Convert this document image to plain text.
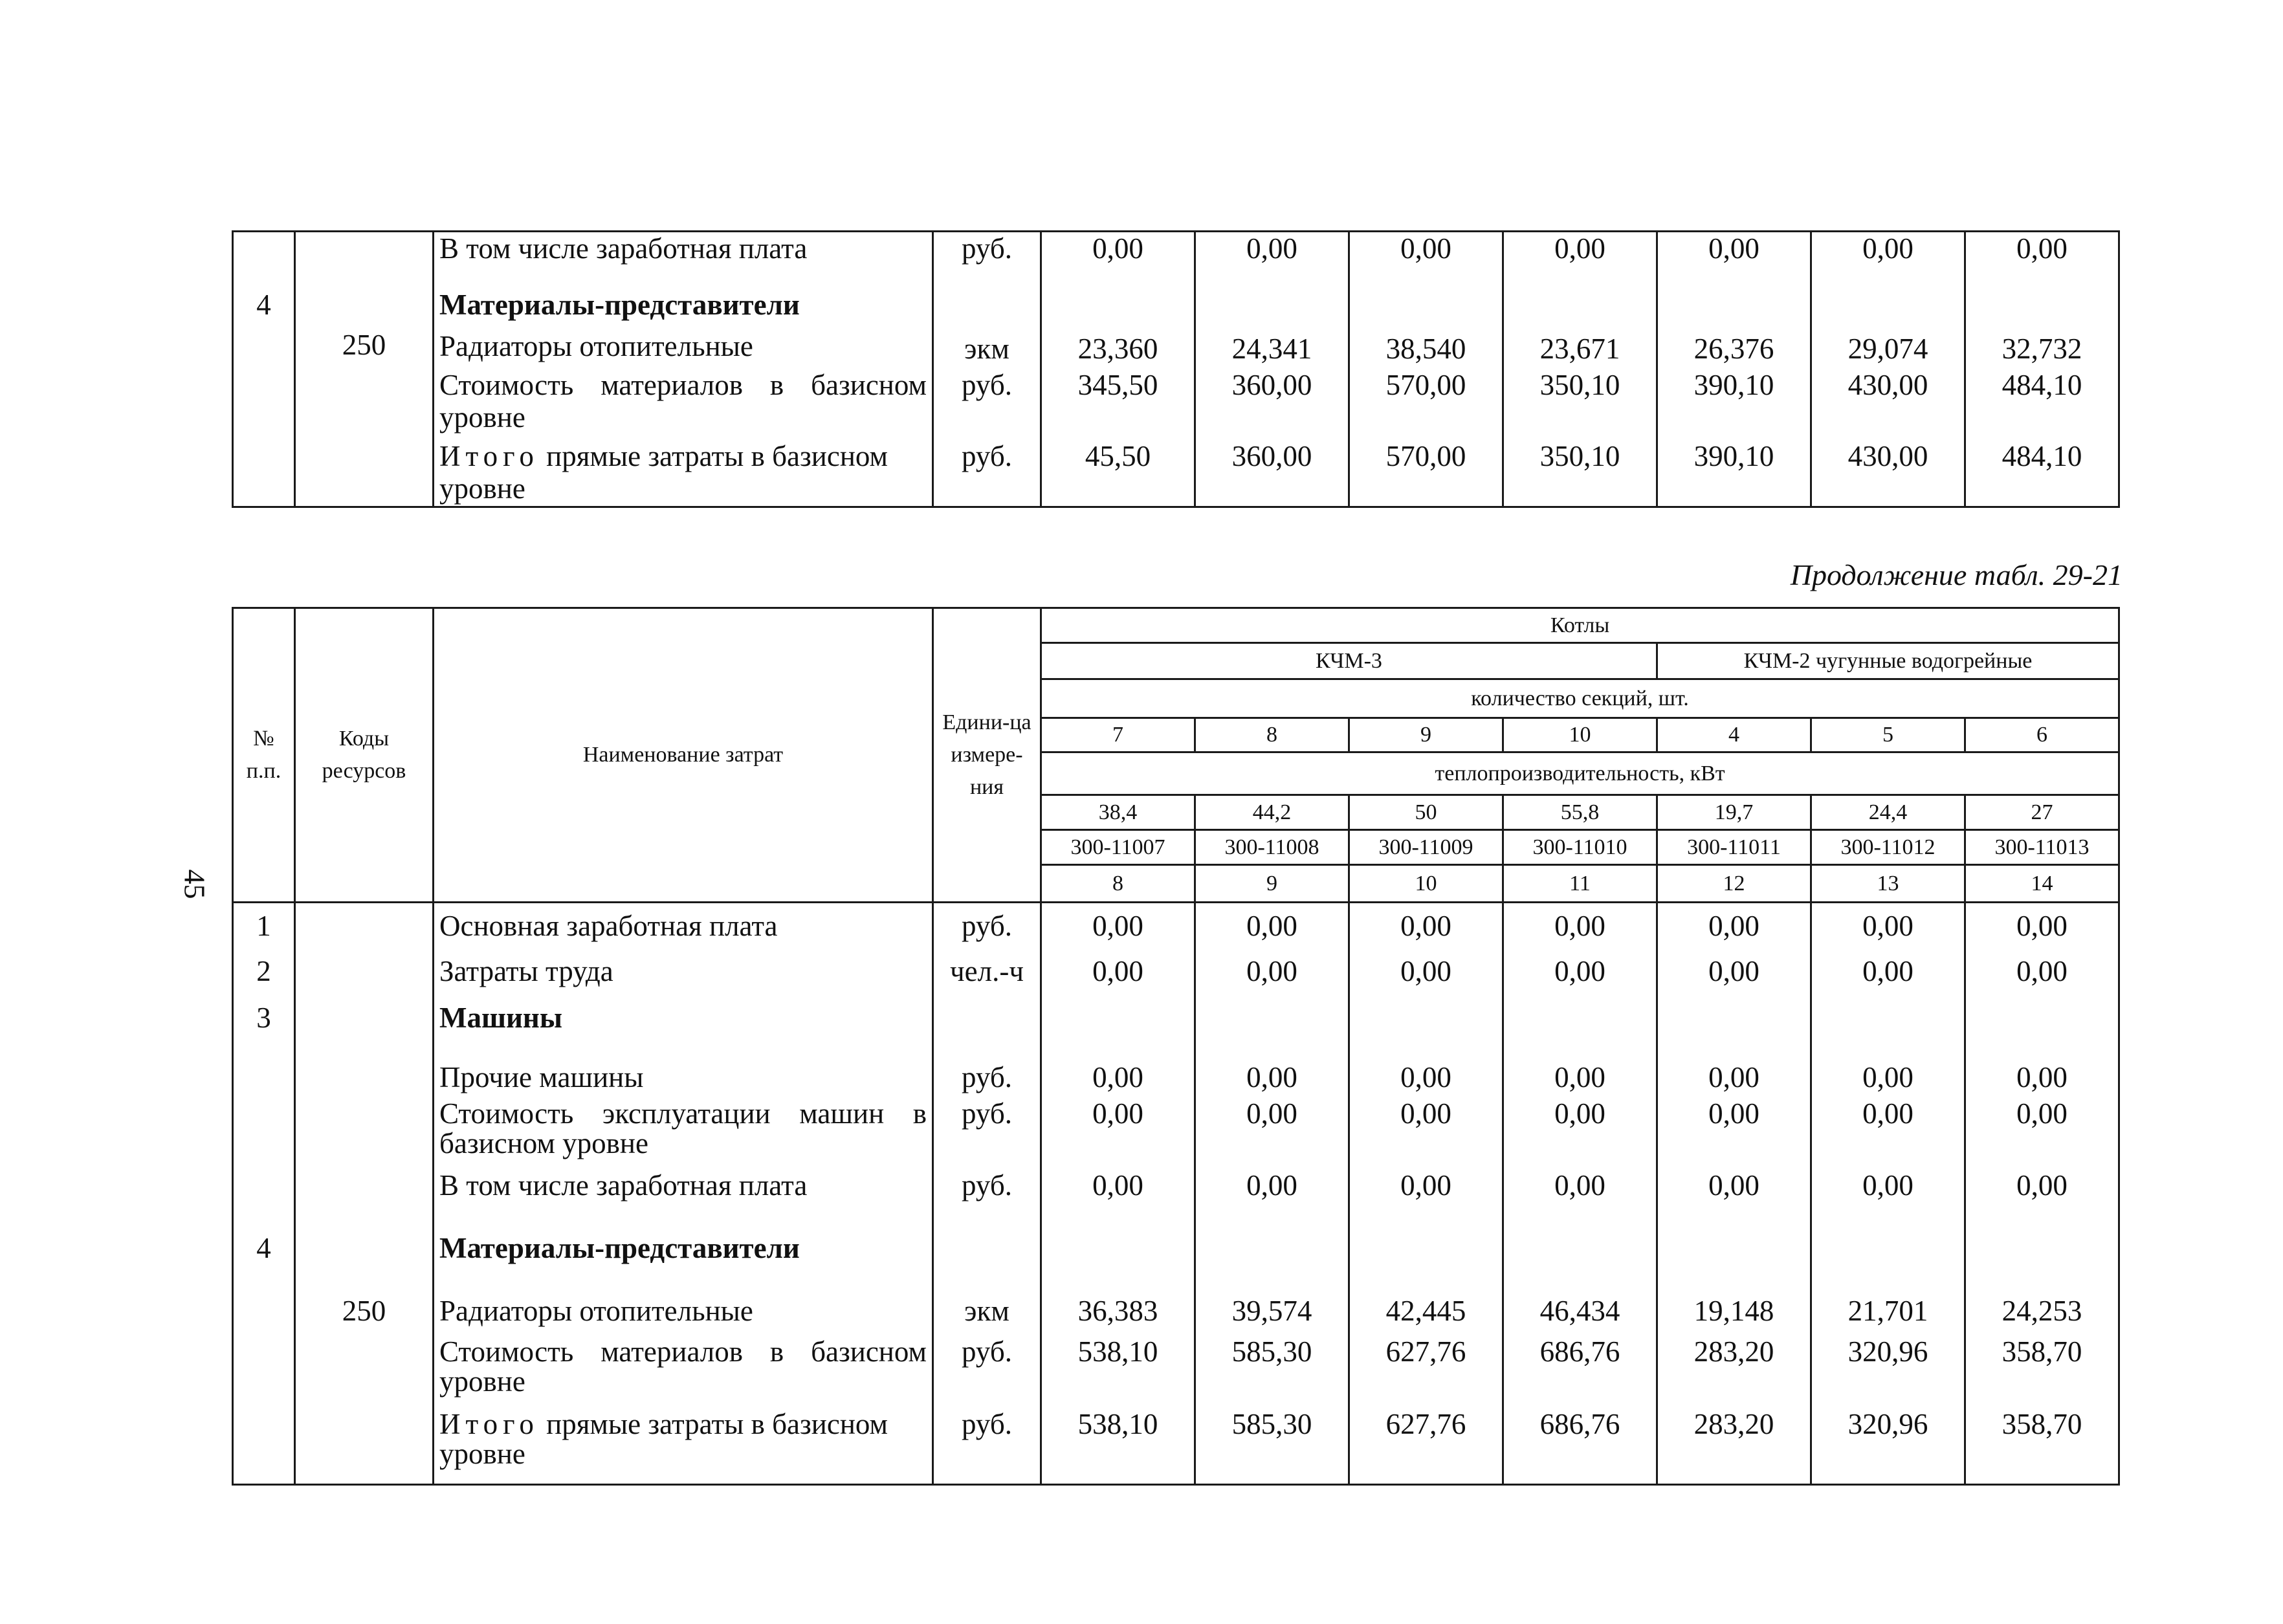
		В том числе заработная плата	руб.	0,00	0,00	0,00	0,00	0,00	0,00	0,00
4		Материалы-представители								
	250	Радиаторы отопительные	экм	23,360	24,341	38,540	23,671	26,376	29,074	32,732
		Стоимость материалов в базисном уровне	руб.	345,50	360,00	570,00	350,10	390,10	430,00	484,10
		Итого прямые затраты в базисном уровне	руб.	45,50	360,00	570,00	350,10	390,10	430,00	484,10
Продолжение табл. 29-21
45
№ п.п.	Коды ресурсов	Наименование затрат	Едини-ца измере-ния	Котлы						
				КЧМ-3				КЧМ-2 чугунные водогрейные		
				количество секций, шт.						
				7	8	9	10	4	5	6
				теплопроизводительность, кВт						
				38,4	44,2	50	55,8	19,7	24,4	27
				300-11007	300-11008	300-11009	300-11010	300-11011	300-11012	300-11013
				8	9	10	11	12	13	14
1		Основная заработная плата	руб.	0,00	0,00	0,00	0,00	0,00	0,00	0,00
2		Затраты труда	чел.-ч	0,00	0,00	0,00	0,00	0,00	0,00	0,00
3		Машины								
		Прочие машины	руб.	0,00	0,00	0,00	0,00	0,00	0,00	0,00
		Стоимость эксплуатации машин в базисном уровне	руб.	0,00	0,00	0,00	0,00	0,00	0,00	0,00
		В том числе заработная плата	руб.	0,00	0,00	0,00	0,00	0,00	0,00	0,00
4		Материалы-представители								
	250	Радиаторы отопительные	экм	36,383	39,574	42,445	46,434	19,148	21,701	24,253
		Стоимость материалов в базисном уровне	руб.	538,10	585,30	627,76	686,76	283,20	320,96	358,70
		Итого прямые затраты в базисном уровне	руб.	538,10	585,30	627,76	686,76	283,20	320,96	358,70
